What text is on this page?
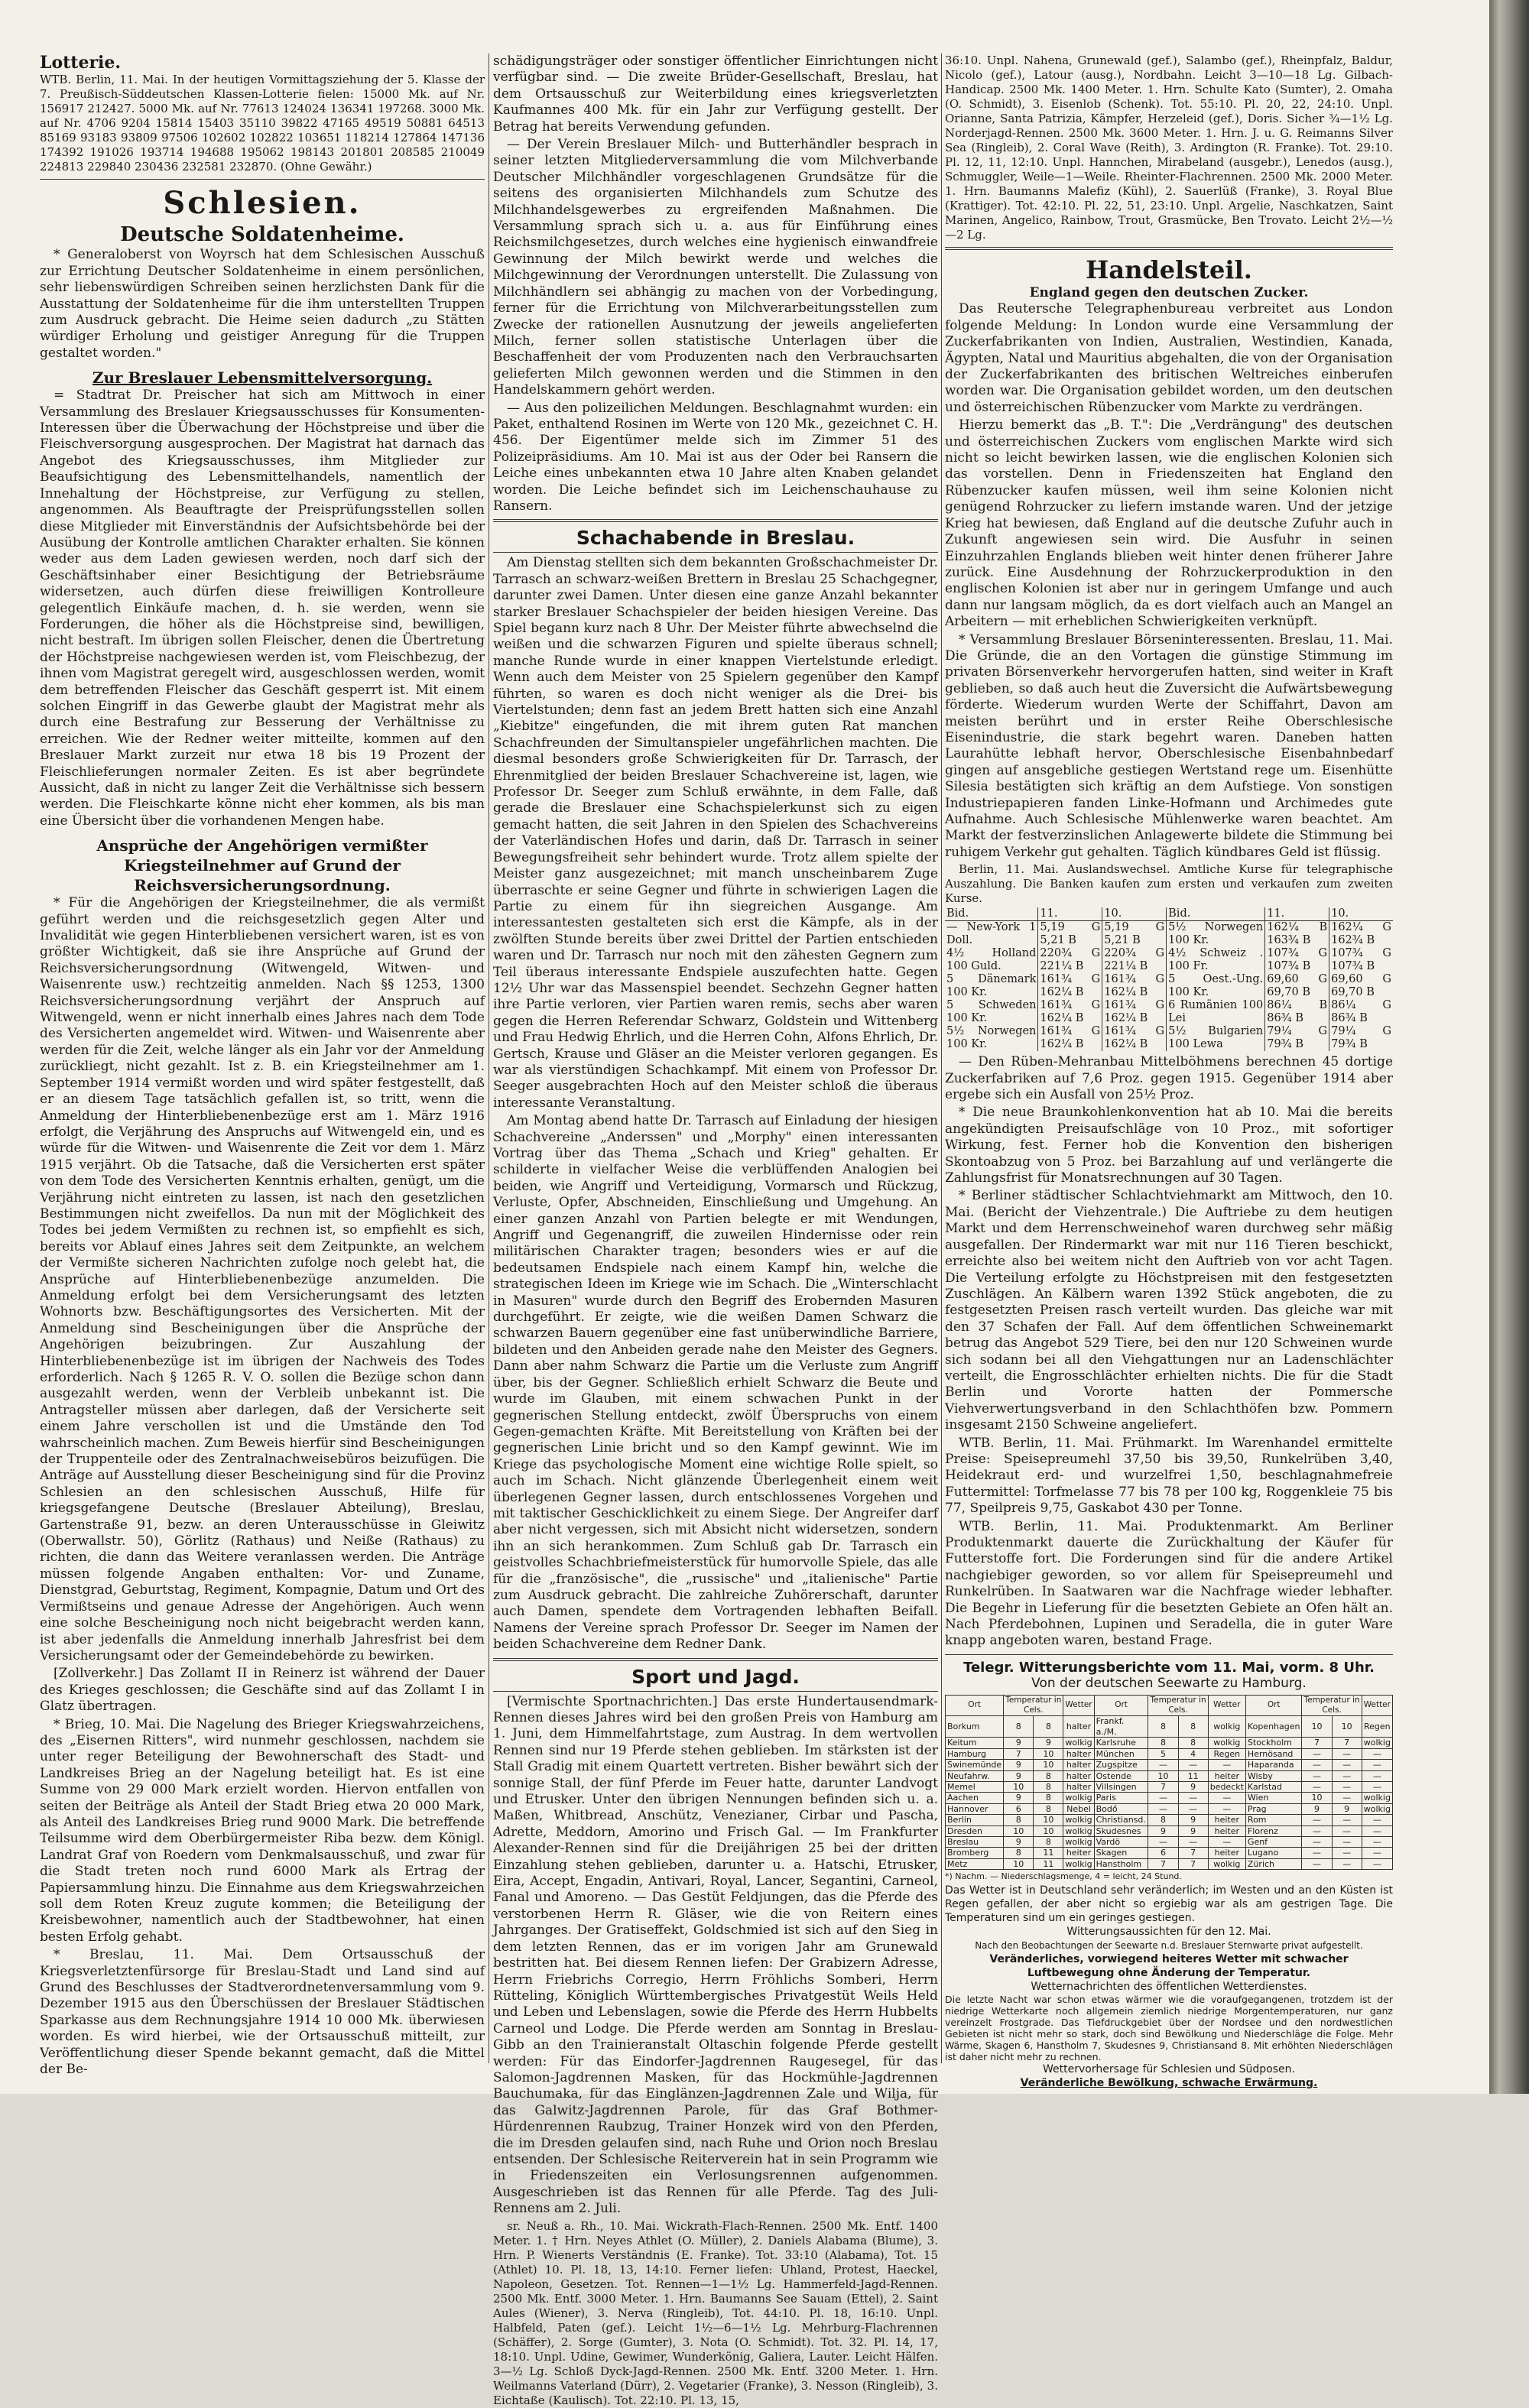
Lotterie.

WTB. Berlin, 11. Mai. In der heutigen Vormittagsziehung der 5. Klasse der 7. Preußisch-Süddeutschen Klassen-Lotterie fielen: 15000 Mk. auf Nr. 156917 212427. 5000 Mk. auf Nr. 77613 124024 136341 197268. 3000 Mk. auf Nr. 4706 9204 15814 15403 35110 39822 47165 49519 50881 64513 85169 93183 93809 97506 102602 102822 103651 118214 127864 147136 174392 191026 193714 194688 195062 198143 201801 208585 210049 224813 229840 230436 232581 232870. (Ohne Gewähr.)

Schlesien.
Deutsche Soldatenheime.

* Generaloberst von Woyrsch hat dem Schlesischen Ausschuß zur Errichtung Deutscher Soldatenheime in einem persönlichen, sehr liebenswürdigen Schreiben seinen herzlichsten Dank für die Ausstattung der Soldatenheime für die ihm unterstellten Truppen zum Ausdruck gebracht. Die Heime seien dadurch „zu Stätten würdiger Erholung und geistiger Anregung für die Truppen gestaltet worden."

Zur Breslauer Lebensmittelversorgung.

= Stadtrat Dr. Preischer hat sich am Mittwoch in einer Versammlung des Breslauer Kriegsausschusses für Konsumenten-Interessen über die Überwachung der Höchstpreise und über die Fleischversorgung ausgesprochen. Der Magistrat hat darnach das Angebot des Kriegsausschusses, ihm Mitglieder zur Beaufsichtigung des Lebensmittelhandels, namentlich der Innehaltung der Höchstpreise, zur Verfügung zu stellen, angenommen. Als Beauftragte der Preisprüfungsstellen sollen diese Mitglieder mit Einverständnis der Aufsichtsbehörde bei der Ausübung der Kontrolle amtlichen Charakter erhalten. Sie können weder aus dem Laden gewiesen werden, noch darf sich der Geschäftsinhaber einer Besichtigung der Betriebsräume widersetzen, auch dürfen diese freiwilligen Kontrolleure gelegentlich Einkäufe machen, d. h. sie werden, wenn sie Forderungen, die höher als die Höchstpreise sind, bewilligen, nicht bestraft. Im übrigen sollen Fleischer, denen die Übertretung der Höchstpreise nachgewiesen werden ist, vom Fleischbezug, der ihnen vom Magistrat geregelt wird, ausgeschlossen werden, womit dem betreffenden Fleischer das Geschäft gesperrt ist. Mit einem solchen Eingriff in das Gewerbe glaubt der Magistrat mehr als durch eine Bestrafung zur Besserung der Verhältnisse zu erreichen. Wie der Redner weiter mitteilte, kommen auf den Breslauer Markt zurzeit nur etwa 18 bis 19 Prozent der Fleischlieferungen normaler Zeiten. Es ist aber begründete Aussicht, daß in nicht zu langer Zeit die Verhältnisse sich bessern werden. Die Fleischkarte könne nicht eher kommen, als bis man eine Übersicht über die vorhandenen Mengen habe.

Ansprüche der Angehörigen vermißter Kriegsteilnehmer auf Grund der Reichsversicherungsordnung.

* Für die Angehörigen der Kriegsteilnehmer, die als vermißt geführt werden und die reichsgesetzlich gegen Alter und Invalidität wie gegen Hinterbliebenen versichert waren, ist es von größter Wichtigkeit, daß sie ihre Ansprüche auf Grund der Reichsversicherungsordnung (Witwengeld, Witwen- und Waisenrente usw.) rechtzeitig anmelden. Nach §§ 1253, 1300 Reichsversicherungsordnung verjährt der Anspruch auf Witwengeld, wenn er nicht innerhalb eines Jahres nach dem Tode des Versicherten angemeldet wird. Witwen- und Waisenrente aber werden für die Zeit, welche länger als ein Jahr vor der Anmeldung zurückliegt, nicht gezahlt. Ist z. B. ein Kriegsteilnehmer am 1. September 1914 vermißt worden und wird später festgestellt, daß er an diesem Tage tatsächlich gefallen ist, so tritt, wenn die Anmeldung der Hinterbliebenenbezüge erst am 1. März 1916 erfolgt, die Verjährung des Anspruchs auf Witwengeld ein, und es würde für die Witwen- und Waisenrente die Zeit vor dem 1. März 1915 verjährt. Ob die Tatsache, daß die Versicherten erst später von dem Tode des Versicherten Kenntnis erhalten, genügt, um die Verjährung nicht eintreten zu lassen, ist nach den gesetzlichen Bestimmungen nicht zweifellos. Da nun mit der Möglichkeit des Todes bei jedem Vermißten zu rechnen ist, so empfiehlt es sich, bereits vor Ablauf eines Jahres seit dem Zeitpunkte, an welchem der Vermißte sicheren Nachrichten zufolge noch gelebt hat, die Ansprüche auf Hinterbliebenenbezüge anzumelden. Die Anmeldung erfolgt bei dem Versicherungsamt des letzten Wohnorts bzw. Beschäftigungsortes des Versicherten. Mit der Anmeldung sind Bescheinigungen über die Ansprüche der Angehörigen beizubringen. Zur Auszahlung der Hinterbliebenenbezüge ist im übrigen der Nachweis des Todes erforderlich. Nach § 1265 R. V. O. sollen die Bezüge schon dann ausgezahlt werden, wenn der Verbleib unbekannt ist. Die Antragsteller müssen aber darlegen, daß der Versicherte seit einem Jahre verschollen ist und die Umstände den Tod wahrscheinlich machen. Zum Beweis hierfür sind Bescheinigungen der Truppenteile oder des Zentralnachweisebüros beizufügen. Die Anträge auf Ausstellung dieser Bescheinigung sind für die Provinz Schlesien an den schlesischen Ausschuß, Hilfe für kriegsgefangene Deutsche (Breslauer Abteilung), Breslau, Gartenstraße 91, bezw. an deren Unterausschüsse in Gleiwitz (Oberwallstr. 50), Görlitz (Rathaus) und Neiße (Rathaus) zu richten, die dann das Weitere veranlassen werden. Die Anträge müssen folgende Angaben enthalten: Vor- und Zuname, Dienstgrad, Geburtstag, Regiment, Kompagnie, Datum und Ort des Vermißtseins und genaue Adresse der Angehörigen. Auch wenn eine solche Bescheinigung noch nicht beigebracht werden kann, ist aber jedenfalls die Anmeldung innerhalb Jahresfrist bei dem Versicherungsamt oder der Gemeindebehörde zu bewirken.

[Zollverkehr.] Das Zollamt II in Reinerz ist während der Dauer des Krieges geschlossen; die Geschäfte sind auf das Zollamt I in Glatz übertragen.

* Brieg, 10. Mai. Die Nagelung des Brieger Kriegswahrzeichens, des „Eisernen Ritters", wird nunmehr geschlossen, nachdem sie unter reger Beteiligung der Bewohnerschaft des Stadt- und Landkreises Brieg an der Nagelung beteiligt hat. Es ist eine Summe von 29 000 Mark erzielt worden. Hiervon entfallen von seiten der Beiträge als Anteil der Stadt Brieg etwa 20 000 Mark, als Anteil des Landkreises Brieg rund 9000 Mark. Die betreffende Teilsumme wird dem Oberbürgermeister Riba bezw. dem Königl. Landrat Graf von Roedern vom Denkmalsausschuß, und zwar für die Stadt treten noch rund 6000 Mark als Ertrag der Papiersammlung hinzu. Die Einnahme aus dem Kriegswahrzeichen soll dem Roten Kreuz zugute kommen; die Beteiligung der Kreisbewohner, namentlich auch der Stadtbewohner, hat einen besten Erfolg gehabt.

* Breslau, 11. Mai. Dem Ortsausschuß der Kriegsverletztenfürsorge für Breslau-Stadt und Land sind auf Grund des Beschlusses der Stadtverordnetenversammlung vom 9. Dezember 1915 aus den Überschüssen der Breslauer Städtischen Sparkasse aus dem Rechnungsjahre 1914 10 000 Mk. überwiesen worden. Es wird hierbei, wie der Ortsausschuß mitteilt, zur Veröffentlichung dieser Spende bekannt gemacht, daß die Mittel der Be-

schädigungsträger oder sonstiger öffentlicher Einrichtungen nicht verfügbar sind. — Die zweite Brüder-Gesellschaft, Breslau, hat dem Ortsausschuß zur Weiterbildung eines kriegsverletzten Kaufmannes 400 Mk. für ein Jahr zur Verfügung gestellt. Der Betrag hat bereits Verwendung gefunden.

— Der Verein Breslauer Milch- und Butterhändler besprach in seiner letzten Mitgliederversammlung die vom Milchverbande Deutscher Milchhändler vorgeschlagenen Grundsätze für die seitens des organisierten Milchhandels zum Schutze des Milchhandelsgewerbes zu ergreifenden Maßnahmen. Die Versammlung sprach sich u. a. aus für Einführung eines Reichsmilchgesetzes, durch welches eine hygienisch einwandfreie Gewinnung der Milch bewirkt werde und welches die Milchgewinnung der Verordnungen unterstellt. Die Zulassung von Milchhändlern sei abhängig zu machen von der Vorbedingung, ferner für die Errichtung von Milchverarbeitungsstellen zum Zwecke der rationellen Ausnutzung der jeweils angelieferten Milch, ferner sollen statistische Unterlagen über die Beschaffenheit der vom Produzenten nach den Verbrauchsarten gelieferten Milch gewonnen werden und die Stimmen in den Handelskammern gehört werden.

— Aus den polizeilichen Meldungen. Beschlagnahmt wurden: ein Paket, enthaltend Rosinen im Werte von 120 Mk., gezeichnet C. H. 456. Der Eigentümer melde sich im Zimmer 51 des Polizeipräsidiums. Am 10. Mai ist aus der Oder bei Ransern die Leiche eines unbekannten etwa 10 Jahre alten Knaben gelandet worden. Die Leiche befindet sich im Leichenschauhause zu Ransern.

Schachabende in Breslau.

Am Dienstag stellten sich dem bekannten Großschachmeister Dr. Tarrasch an schwarz-weißen Brettern in Breslau 25 Schachgegner, darunter zwei Damen. Unter diesen eine ganze Anzahl bekannter starker Breslauer Schachspieler der beiden hiesigen Vereine. Das Spiel begann kurz nach 8 Uhr. Der Meister führte abwechselnd die weißen und die schwarzen Figuren und spielte überaus schnell; manche Runde wurde in einer knappen Viertelstunde erledigt. Wenn auch dem Meister von 25 Spielern gegenüber den Kampf führten, so waren es doch nicht weniger als die Drei- bis Viertelstunden; denn fast an jedem Brett hatten sich eine Anzahl „Kiebitze" eingefunden, die mit ihrem guten Rat manchen Schachfreunden der Simultanspieler ungefährlichen machten. Die diesmal besonders große Schwierigkeiten für Dr. Tarrasch, der Ehrenmitglied der beiden Breslauer Schachvereine ist, lagen, wie Professor Dr. Seeger zum Schluß erwähnte, in dem Falle, daß gerade die Breslauer eine Schachspielerkunst sich zu eigen gemacht hatten, die seit Jahren in den Spielen des Schachvereins der Vaterländischen Hofes und darin, daß Dr. Tarrasch in seiner Bewegungsfreiheit sehr behindert wurde. Trotz allem spielte der Meister ganz ausgezeichnet; mit manch unscheinbarem Zuge überraschte er seine Gegner und führte in schwierigen Lagen die Partie zu einem für ihn siegreichen Ausgange. Am interessantesten gestalteten sich erst die Kämpfe, als in der zwölften Stunde bereits über zwei Drittel der Partien entschieden waren und Dr. Tarrasch nur noch mit den zähesten Gegnern zum Teil überaus interessante Endspiele auszufechten hatte. Gegen 12½ Uhr war das Massenspiel beendet. Sechzehn Gegner hatten ihre Partie verloren, vier Partien waren remis, sechs aber waren gegen die Herren Referendar Schwarz, Goldstein und Wittenberg und Frau Hedwig Ehrlich, und die Herren Cohn, Alfons Ehrlich, Dr. Gertsch, Krause und Gläser an die Meister verloren gegangen. Es war als vierstündigen Schachkampf. Mit einem von Professor Dr. Seeger ausgebrachten Hoch auf den Meister schloß die überaus interessante Veranstaltung.

Am Montag abend hatte Dr. Tarrasch auf Einladung der hiesigen Schachvereine „Anderssen" und „Morphy" einen interessanten Vortrag über das Thema „Schach und Krieg" gehalten. Er schilderte in vielfacher Weise die verblüffenden Analogien bei beiden, wie Angriff und Verteidigung, Vormarsch und Rückzug, Verluste, Opfer, Abschneiden, Einschließung und Umgehung. An einer ganzen Anzahl von Partien belegte er mit Wendungen, Angriff und Gegenangriff, die zuweilen Hindernisse oder rein militärischen Charakter tragen; besonders wies er auf die bedeutsamen Endspiele nach einem Kampf hin, welche die strategischen Ideen im Kriege wie im Schach. Die „Winterschlacht in Masuren" wurde durch den Begriff des Erobernden Masuren durchgeführt. Er zeigte, wie die weißen Damen Schwarz die schwarzen Bauern gegenüber eine fast unüberwindliche Barriere, bildeten und den Anbeiden gerade nahe den Meister des Gegners. Dann aber nahm Schwarz die Partie um die Verluste zum Angriff über, bis der Gegner. Schließlich erhielt Schwarz die Beute und wurde im Glauben, mit einem schwachen Punkt in der gegnerischen Stellung entdeckt, zwölf Überspruchs von einem Gegen-gemachten Kräfte. Mit Bereitstellung von Kräften bei der gegnerischen Linie bricht und so den Kampf gewinnt. Wie im Kriege das psychologische Moment eine wichtige Rolle spielt, so auch im Schach. Nicht glänzende Überlegenheit einem weit überlegenen Gegner lassen, durch entschlossenes Vorgehen und mit taktischer Geschicklichkeit zu einem Siege. Der Angreifer darf aber nicht vergessen, sich mit Absicht nicht widersetzen, sondern ihn an sich herankommen. Zum Schluß gab Dr. Tarrasch ein geistvolles Schachbriefmeisterstück für humorvolle Spiele, das alle für die „französische", die „russische" und „italienische" Partie zum Ausdruck gebracht. Die zahlreiche Zuhörerschaft, darunter auch Damen, spendete dem Vortragenden lebhaften Beifall. Namens der Vereine sprach Professor Dr. Seeger im Namen der beiden Schachvereine dem Redner Dank.

Sport und Jagd.

[Vermischte Sportnachrichten.] Das erste Hundertausendmark-Rennen dieses Jahres wird bei den großen Preis von Hamburg am 1. Juni, dem Himmelfahrtstage, zum Austrag. In dem wertvollen Rennen sind nur 19 Pferde stehen geblieben. Im stärksten ist der Stall Gradig mit einem Quartett vertreten. Bisher bewährt sich der sonnige Stall, der fünf Pferde im Feuer hatte, darunter Landvogt und Etrusker. Unter den übrigen Nennungen befinden sich u. a. Maßen, Whitbread, Anschütz, Venezianer, Cirbar und Pascha, Adrette, Meddorn, Amorino und Frisch Gal. — Im Frankfurter Alexander-Rennen sind für die Dreijährigen 25 bei der dritten Einzahlung stehen geblieben, darunter u. a. Hatschi, Etrusker, Eira, Accept, Engadin, Antivari, Royal, Lancer, Segantini, Carneol, Fanal und Amoreno. — Das Gestüt Feldjungen, das die Pferde des verstorbenen Herrn R. Gläser, wie die von Reitern eines Jahrganges. Der Gratiseffekt, Goldschmied ist sich auf den Sieg in dem letzten Rennen, das er im vorigen Jahr am Grunewald bestritten hat. Bei diesem Rennen liefen: Der Grabizern Adresse, Herrn Friebrichs Corregio, Herrn Fröhlichs Somberi, Herrn Rütteling, Königlich Württembergisches Privatgestüt Weils Held und Leben und Lebenslagen, sowie die Pferde des Herrn Hubbelts Carneol und Lodge. Die Pferde werden am Sonntag in Breslau-Gibb an den Trainieranstalt Oltaschin folgende Pferde gestellt werden: Für das Eindorfer-Jagdrennen Raugesegel, für das Salomon-Jagdrennen Masken, für das Hockmühle-Jagdrennen Bauchumaka, für das Einglänzen-Jagdrennen Zale und Wilja, für das Galwitz-Jagdrennen Parole, für das Graf Bothmer-Hürdenrennen Raubzug, Trainer Honzek wird von den Pferden, die im Dresden gelaufen sind, nach Ruhe und Orion noch Breslau entsenden. Der Schlesische Reiterverein hat in sein Programm wie in Friedenszeiten ein Verlosungsrennen aufgenommen. Ausgeschrieben ist das Rennen für alle Pferde. Tag des Juli-Rennens am 2. Juli.

sr. Neuß a. Rh., 10. Mai. Wickrath-Flach-Rennen. 2500 Mk. Entf. 1400 Meter. 1. † Hrn. Neyes Athlet (O. Müller), 2. Daniels Alabama (Blume), 3. Hrn. P. Wienerts Verständnis (E. Franke). Tot. 33:10 (Alabama), Tot. 15 (Athlet) 10. Pl. 18, 13, 14:10. Ferner liefen: Uhland, Protest, Haeckel, Napoleon, Gesetzen. Tot. Rennen—1—1½ Lg. Hammerfeld-Jagd-Rennen. 2500 Mk. Entf. 3000 Meter. 1. Hrn. Baumanns See Sauam (Ettel), 2. Saint Aules (Wiener), 3. Nerva (Ringleib), Tot. 44:10. Pl. 18, 16:10. Unpl. Halbfeld, Paten (gef.). Leicht 1½—6—1½ Lg. Mehrburg-Flachrennen (Schäffer), 2. Sorge (Gumter), 3. Nota (O. Schmidt). Tot. 32. Pl. 14, 17, 18:10. Unpl. Udine, Gewimer, Wunderkönig, Galiera, Lauter. Leicht Hälfen. 3—½ Lg. Schloß Dyck-Jagd-Rennen. 2500 Mk. Entf. 3200 Meter. 1. Hrn. Weilmanns Vaterland (Dürr), 2. Vegetarier (Franke), 3. Nesson (Ringleib), 3. Eichtaße (Kaulisch). Tot. 22:10. Pl. 13, 15,

36:10. Unpl. Nahena, Grunewald (gef.), Salambo (gef.), Rheinpfalz, Baldur, Nicolo (gef.), Latour (ausg.), Nordbahn. Leicht 3—10—18 Lg. Gilbach-Handicap. 2500 Mk. 1400 Meter. 1. Hrn. Schulte Kato (Sumter), 2. Omaha (O. Schmidt), 3. Eisenlob (Schenk). Tot. 55:10. Pl. 20, 22, 24:10. Unpl. Orianne, Santa Patrizia, Kämpfer, Herzeleid (gef.), Doris. Sicher ¾—1½ Lg. Norderjagd-Rennen. 2500 Mk. 3600 Meter. 1. Hrn. J. u. G. Reimanns Silver Sea (Ringleib), 2. Coral Wave (Reith), 3. Ardington (R. Franke). Tot. 29:10. Pl. 12, 11, 12:10. Unpl. Hannchen, Mirabeland (ausgebr.), Lenedos (ausg.), Schmuggler, Weile—1—Weile. Rheinter-Flachrennen. 2500 Mk. 2000 Meter. 1. Hrn. Baumanns Malefiz (Kühl), 2. Sauerlüß (Franke), 3. Royal Blue (Krattiger). Tot. 42:10. Pl. 22, 51, 23:10. Unpl. Argelie, Naschkatzen, Saint Marinen, Angelico, Rainbow, Trout, Grasmücke, Ben Trovato. Leicht 2½—½—2 Lg.

Handelsteil.
England gegen den deutschen Zucker.

Das Reutersche Telegraphenbureau verbreitet aus London folgende Meldung: In London wurde eine Versammlung der Zuckerfabrikanten von Indien, Australien, Westindien, Kanada, Ägypten, Natal und Mauritius abgehalten, die von der Organisation der Zuckerfabrikanten des britischen Weltreiches einberufen worden war. Die Organisation gebildet worden, um den deutschen und österreichischen Rübenzucker vom Markte zu verdrängen.

Hierzu bemerkt das „B. T.": Die „Verdrängung" des deutschen und österreichischen Zuckers vom englischen Markte wird sich nicht so leicht bewirken lassen, wie die englischen Kolonien sich das vorstellen. Denn in Friedenszeiten hat England den Rübenzucker kaufen müssen, weil ihm seine Kolonien nicht genügend Rohrzucker zu liefern imstande waren. Und der jetzige Krieg hat bewiesen, daß England auf die deutsche Zufuhr auch in Zukunft angewiesen sein wird. Die Ausfuhr in seinen Einzuhrzahlen Englands blieben weit hinter denen früherer Jahre zurück. Eine Ausdehnung der Rohrzuckerproduktion in den englischen Kolonien ist aber nur in geringem Umfange und auch dann nur langsam möglich, da es dort vielfach auch an Mangel an Arbeitern — mit erheblichen Schwierigkeiten verknüpft.

* Versammlung Breslauer Börseninteressenten. Breslau, 11. Mai. Die Gründe, die an den Vortagen die günstige Stimmung im privaten Börsenverkehr hervorgerufen hatten, sind weiter in Kraft geblieben, so daß auch heut die Zuversicht die Aufwärtsbewegung förderte. Wiederum wurden Werte der Schiffahrt, Davon am meisten berührt und in erster Reihe Oberschlesische Eisenindustrie, die stark begehrt waren. Daneben hatten Laurahütte lebhaft hervor, Oberschlesische Eisenbahnbedarf gingen auf ansgebliche gestiegen Wertstand rege um. Eisenhütte Silesia bestätigten sich kräftig an dem Aufstiege. Von sonstigen Industriepapieren fanden Linke-Hofmann und Archimedes gute Aufnahme. Auch Schlesische Mühlenwerke waren beachtet. Am Markt der festverzinslichen Anlagewerte bildete die Stimmung bei ruhigem Verkehr gut gehalten. Täglich kündbares Geld ist flüssig.

Berlin, 11. Mai. Auslandswechsel. Amtliche Kurse für telegraphische Auszahlung. Die Banken kaufen zum ersten und verkaufen zum zweiten Kurse.

Bid.	11.	10.	Bid.	11.	10.
— New-York 1 Doll.	5,19 G 5,21 B	5,19 G 5,21 B	5½ Norwegen 100 Kr.	162¼ B 163¾ B	162¼ G 162¾ B
4½ Holland 100 Guld.	220¾ G 221¼ B	220¾ G 221¼ B	4½ Schweiz . 100 Fr.	107¾ G 107¾ B	107¾ G 107¾ B
5 Dänemark 100 Kr.	161¾ G 162¼ B	161¾ G 162¼ B	5 Oest.-Ung. 100 Kr.	69,60 G 69,70 B	69,60 G 69,70 B
5 Schweden 100 Kr.	161¾ G 162¼ B	161¾ G 162¼ B	6 Rumänien 100 Lei	86¼ B 86¾ B	86¼ G 86¾ B
5½ Norwegen 100 Kr.	161¾ G 162¼ B	161¾ G 162¼ B	5½ Bulgarien 100 Lewa	79¼ G 79¾ B	79¼ G 79¾ B

— Den Rüben-Mehranbau Mittelböhmens berechnen 45 dortige Zuckerfabriken auf 7,6 Proz. gegen 1915. Gegenüber 1914 aber ergebe sich ein Ausfall von 25½ Proz.

* Die neue Braunkohlenkonvention hat ab 10. Mai die bereits angekündigten Preisaufschläge von 10 Proz., mit sofortiger Wirkung, fest. Ferner hob die Konvention den bisherigen Skontoabzug von 5 Proz. bei Barzahlung auf und verlängerte die Zahlungsfrist für Monatsrechnungen auf 30 Tagen.

* Berliner städtischer Schlachtviehmarkt am Mittwoch, den 10. Mai. (Bericht der Viehzentrale.) Die Auftriebe zu dem heutigen Markt und dem Herrenschweinehof waren durchweg sehr mäßig ausgefallen. Der Rindermarkt war mit nur 116 Tieren beschickt, erreichte also bei weitem nicht den Auftrieb von vor acht Tagen. Die Verteilung erfolgte zu Höchstpreisen mit den festgesetzten Zuschlägen. An Kälbern waren 1392 Stück angeboten, die zu festgesetzten Preisen rasch verteilt wurden. Das gleiche war mit den 37 Schafen der Fall. Auf dem öffentlichen Schweinemarkt betrug das Angebot 529 Tiere, bei den nur 120 Schweinen wurde sich sodann bei all den Viehgattungen nur an Ladenschlächter verteilt, die Engrosschlächter erhielten nichts. Die für die Stadt Berlin und Vororte hatten der Pommersche Viehverwertungsverband in den Schlachthöfen bzw. Pommern insgesamt 2150 Schweine angeliefert.

WTB. Berlin, 11. Mai. Frühmarkt. Im Warenhandel ermittelte Preise: Speisepreumehl 37,50 bis 39,50, Runkelrüben 3,40, Heidekraut erd- und wurzelfrei 1,50, beschlagnahmefreie Futtermittel: Torfmelasse 77 bis 78 per 100 kg, Roggenkleie 75 bis 77, Speilpreis 9,75, Gaskabot 430 per Tonne.

WTB. Berlin, 11. Mai. Produktenmarkt. Am Berliner Produktenmarkt dauerte die Zurückhaltung der Käufer für Futterstoffe fort. Die Forderungen sind für die andere Artikel nachgiebiger geworden, so vor allem für Speisepreumehl und Runkelrüben. In Saatwaren war die Nachfrage wieder lebhafter. Die Begehr in Lieferung für die besetzten Gebiete an Ofen hält an. Nach Pferdebohnen, Lupinen und Seradella, die in guter Ware knapp angeboten waren, bestand Frage.

Telegr. Witterungsberichte vom 11. Mai, vorm. 8 Uhr.
Von der deutschen Seewarte zu Hamburg.
Ort	Temperatur in Cels.		Wetter	Ort	Temperatur in Cels.		Wetter	Ort	Temperatur in Cels.		Wetter
Borkum	8	8	halter	Frankf. a./M.	8	8	wolkig	Kopenhagen	10	10	Regen
Keitum	9	9	wolkig	Karlsruhe	8	8	wolkig	Stockholm	7	7	wolkig
Hamburg	7	10	halter	München	5	4	Regen	Hernösand	—	—	—
Swinemünde	9	10	halter	Zugspitze	—	—	—	Haparanda	—	—	—
Neufahrw.	9	8	halter	Ostende	10	11	heiter	Wisby	—	—	—
Memel	10	8	halter	Villsingen	7	9	bedeckt	Karlstad	—	—	—
Aachen	9	8	wolkig	Paris	—	—	—	Wien	10	—	wolkig
Hannover	6	8	Nebel	Bodő	—	—	—	Prag	9	9	wolkig
Berlin	8	10	wolkig	Christiansd.	8	9	heiter	Rom	—	—	—
Dresden	10	10	wolkig	Skudesnes	9	9	heiter	Florenz	—	—	—
Breslau	9	8	wolkig	Vardö	—	—	—	Genf	—	—	—
Bromberg	8	11	heiter	Skagen	6	7	heiter	Lugano	—	—	—
Metz	10	11	wolkig	Hanstholm	7	7	wolkig	Zürich	—	—	—
*) Nachm. — Niederschlagsmenge, 4 = leicht, 24 Stund.
Das Wetter ist in Deutschland sehr veränderlich; im Westen und an den Küsten ist Regen gefallen, der aber nicht so ergiebig war als am gestrigen Tage. Die Temperaturen sind um ein geringes gestiegen.
Witterungsaussichten für den 12. Mai.
Nach den Beobachtungen der Seewarte n.d. Breslauer Sternwarte privat aufgestellt.
Veränderliches, vorwiegend heiteres Wetter mit schwacher Luftbewegung ohne Änderung der Temperatur.
Wetternachrichten des öffentlichen Wetterdienstes.
Die letzte Nacht war schon etwas wärmer wie die voraufgegangenen, trotzdem ist der niedrige Wetterkarte noch allgemein ziemlich niedrige Morgentemperaturen, nur ganz vereinzelt Frostgrade. Das Tiefdruckgebiet über der Nordsee und den nordwestlichen Gebieten ist nicht mehr so stark, doch sind Bewölkung und Niederschläge die Folge. Mehr Wärme, Skagen 6, Hanstholm 7, Skudesnes 9, Christiansand 8. Mit erhöhten Niederschlägen ist daher nicht mehr zu rechnen.
Wettervorhersage für Schlesien und Südposen.
Veränderliche Bewölkung, schwache Erwärmung.
